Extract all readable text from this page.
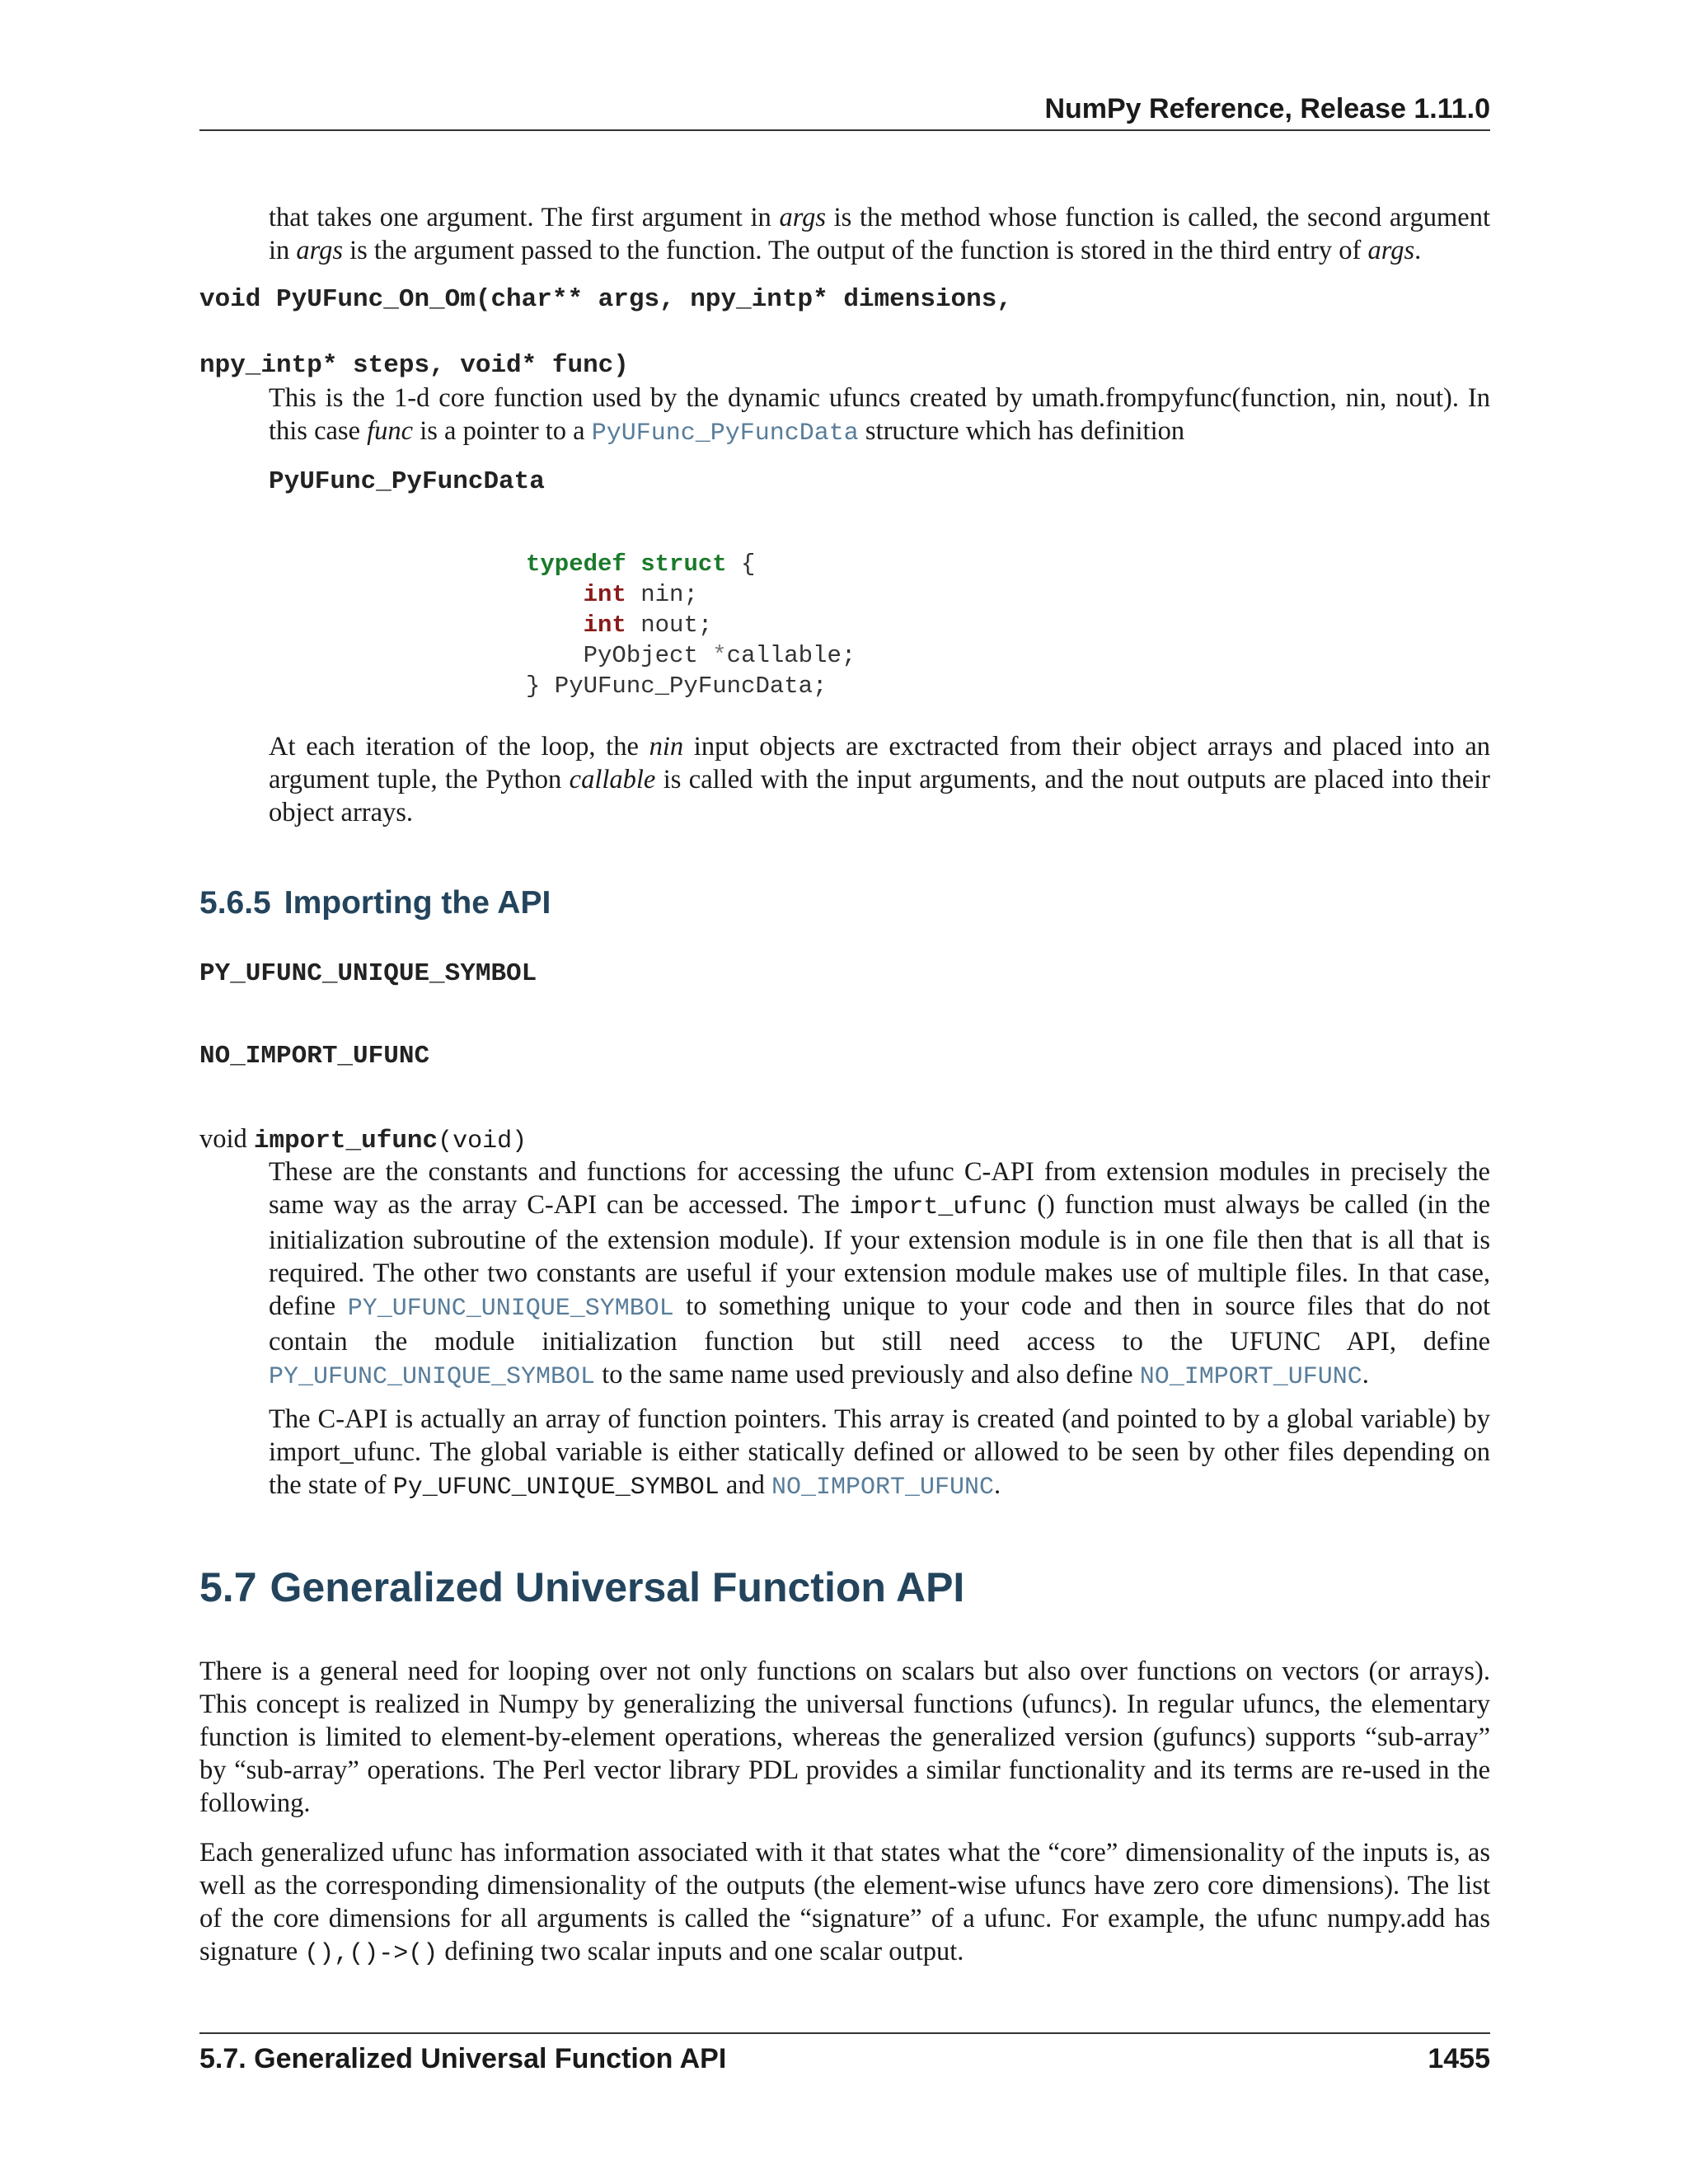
NumPy Reference, Release 1.11.0

that takes one argument. The first argument in args is the method whose function is called, the second argument in args is the argument passed to the function. The output of the function is stored in the third entry of args.

void PyUFunc_On_Om(char** args, npy_intp* dimensions,
npy_intp* steps, void* func)

This is the 1-d core function used by the dynamic ufuncs created by umath.frompyfunc(function, nin, nout). In this case func is a pointer to a PyUFunc_PyFuncData structure which has definition

PyUFunc_PyFuncData
typedef struct {
int nin;
int nout;
PyObject *callable;
} PyUFunc_PyFuncData;

At each iteration of the loop, the nin input objects are exctracted from their object arrays and placed into an argument tuple, the Python callable is called with the input arguments, and the nout outputs are placed into their object arrays.

5.6.5 Importing the API
PY_UFUNC_UNIQUE_SYMBOL
NO_IMPORT_UFUNC
void import_ufunc(void)

These are the constants and functions for accessing the ufunc C-API from extension modules in precisely the same way as the array C-API can be accessed. The import_ufunc () function must always be called (in the initialization subroutine of the extension module). If your extension module is in one file then that is all that is required. The other two constants are useful if your extension module makes use of multiple files. In that case, define PY_UFUNC_UNIQUE_SYMBOL to something unique to your code and then in source files that do not contain the module initialization function but still need access to the UFUNC API, define PY_UFUNC_UNIQUE_SYMBOL to the same name used previously and also define NO_IMPORT_UFUNC.

The C-API is actually an array of function pointers. This array is created (and pointed to by a global variable) by import_ufunc. The global variable is either statically defined or allowed to be seen by other files depending on the state of Py_UFUNC_UNIQUE_SYMBOL and NO_IMPORT_UFUNC.

5.7 Generalized Universal Function API

There is a general need for looping over not only functions on scalars but also over functions on vectors (or arrays). This concept is realized in Numpy by generalizing the universal functions (ufuncs). In regular ufuncs, the elementary function is limited to element-by-element operations, whereas the generalized version (gufuncs) supports “sub-array” by “sub-array” operations. The Perl vector library PDL provides a similar functionality and its terms are re-used in the following.

Each generalized ufunc has information associated with it that states what the “core” dimensionality of the inputs is, as well as the corresponding dimensionality of the outputs (the element-wise ufuncs have zero core dimensions). The list of the core dimensions for all arguments is called the “signature” of a ufunc. For example, the ufunc numpy.add has signature (),()->() defining two scalar inputs and one scalar output.

5.7. Generalized Universal Function API	1455
